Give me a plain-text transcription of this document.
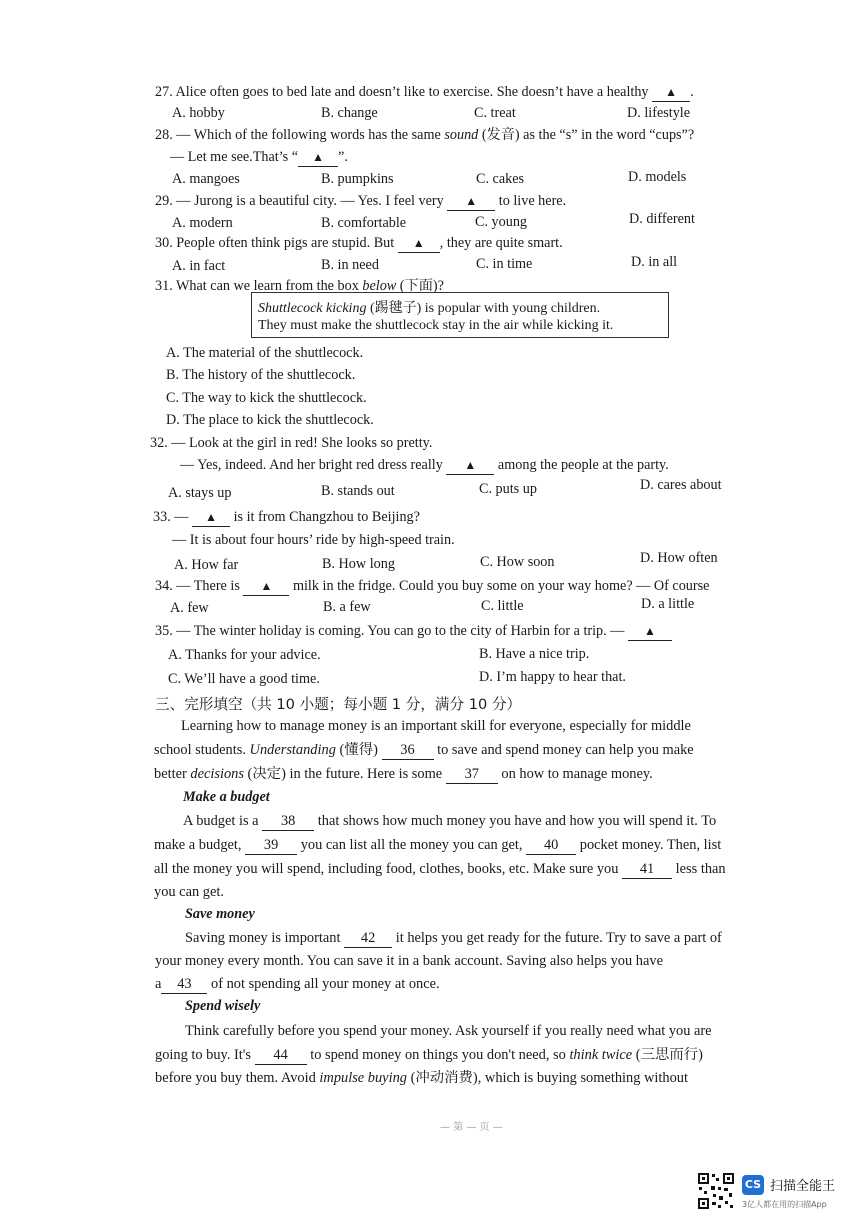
27. Alice often goes to bed late and doesn’t like to exercise. She doesn’t have a healthy ▲ .
A. hobby	B. change	C. treat	D. lifestyle
28. — Which of the following words has the same sound (发音) as the “s” in the word “cups”?
— Let me see.That’s “ ▲ ”.
A. mangoes	B. pumpkins	C. cakes	D. models
29. — Jurong is a beautiful city. — Yes. I feel very ▲ to live here.
A. modern	B. comfortable	C. young	D. different
30. People often think pigs are stupid. But ▲ , they are quite smart.
A. in fact	B. in need	C. in time	D. in all
31. What can we learn from the box below (下面)?
Shuttlecock kicking (踢毽子) is popular with young children.
They must make the shuttlecock stay in the air while kicking it.
A. The material of the shuttlecock.
B. The history of the shuttlecock.
C. The way to kick the shuttlecock.
D. The place to kick the shuttlecock.
32. — Look at the girl in red! She looks so pretty.
— Yes, indeed. And her bright red dress really ▲ among the people at the party.
A. stays up	B. stands out	C. puts up	D. cares about
33. — ▲ is it from Changzhou to Beijing?
— It is about four hours’ ride by high-speed train.
A. How far	B. How long	C. How soon	D. How often
34. — There is ▲ milk in the fridge. Could you buy some on your way home? — Of course
A. few	B. a few	C. little	D. a little
35. — The winter holiday is coming. You can go to the city of Harbin for a trip. — ▲
A. Thanks for your advice.	B. Have a nice trip.
C. We’ll have a good time.	D. I’m happy to hear that.
三、完形填空（共 10 小题；每小题 1 分，满分 10 分）
Learning how to manage money is an important skill for everyone, especially for middle
school students. Understanding (懂得) 36 to save and spend money can help you make
better decisions (决定) in the future. Here is some 37 on how to manage money.
Make a budget
A budget is a 38 that shows how much money you have and how you will spend it. To
make a budget, 39 you can list all the money you can get, 40 pocket money. Then, list
all the money you will spend, including food, clothes, books, etc. Make sure you 41 less than
you can get.
Save money
Saving money is important 42 it helps you get ready for the future. Try to save a part of
your money every month. You can save it in a bank account. Saving also helps you have
a 43 of not spending all your money at once.
Spend wisely
Think carefully before you spend your money. Ask yourself if you really need what you are
going to buy. It's 44 to spend money on things you don't need, so think twice (三思而行)
before you buy them. Avoid impulse buying (冲动消费), which is buying something without
— 第 — 页 —
CS 扫描全能王
3亿人都在用的扫描App
